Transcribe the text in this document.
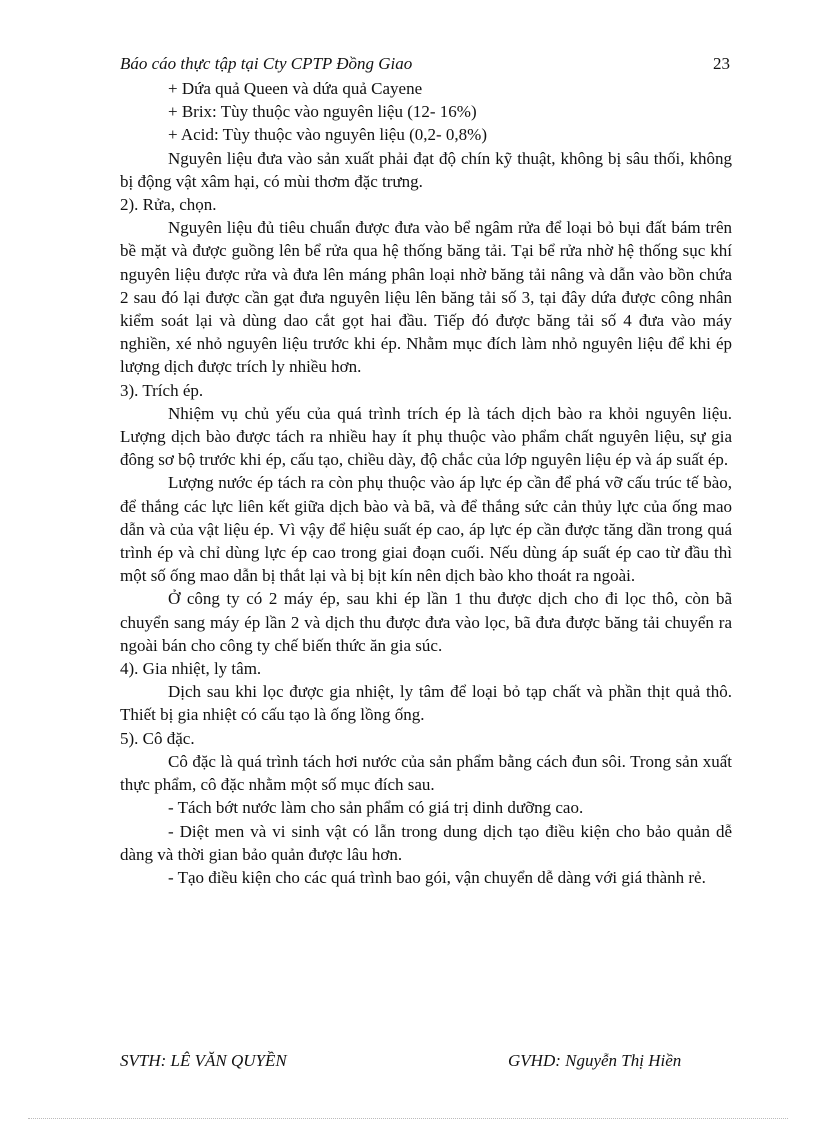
Báo cáo thực tập tại Cty CPTP Đồng Giao	23

+ Dứa quả Queen và dứa quả Cayene

+ Brix: Tùy thuộc vào nguyên liệu (12- 16%)

+ Acid: Tùy thuộc vào nguyên liệu (0,2- 0,8%)

Nguyên liệu đưa vào sản xuất phải đạt độ chín kỹ thuật, không bị sâu thối, không bị động vật xâm hại, có mùi thơm đặc trưng.

2). Rửa, chọn.

Nguyên liệu đủ tiêu chuẩn được đưa vào bể ngâm rửa để loại bỏ bụi đất bám trên bề mặt và được guồng lên bể rửa qua hệ thống băng tải. Tại bể rửa nhờ hệ thống sục khí nguyên liệu được rửa và đưa lên máng phân loại nhờ băng tải nâng và dẫn vào bồn chứa 2 sau đó lại được cần gạt đưa nguyên liệu lên băng tải số 3, tại đây dứa được công nhân kiểm soát lại và dùng dao cắt gọt hai đầu. Tiếp đó được băng tải số 4 đưa vào máy nghiền, xé nhỏ nguyên liệu trước khi ép. Nhằm mục đích làm nhỏ nguyên liệu để khi ép lượng dịch được trích ly nhiều hơn.

3). Trích ép.

Nhiệm vụ chủ yếu của quá trình trích ép là tách dịch bào ra khỏi nguyên liệu. Lượng dịch bào được tách ra nhiều hay ít phụ thuộc vào phẩm chất nguyên liệu, sự gia đông sơ bộ trước khi ép, cấu tạo, chiều dày, độ chắc của lớp nguyên liệu ép và áp suất ép.

Lượng nước ép tách ra còn phụ thuộc vào áp lực ép cần để phá vỡ cấu trúc tế bào, để thắng các lực liên kết giữa dịch bào và bã, và để thắng sức cản thủy lực của ống mao dẫn và của vật liệu ép. Vì vậy để hiệu suất ép cao, áp lực ép cần được tăng dần trong quá trình ép và chỉ dùng lực ép cao trong giai đoạn cuối. Nếu dùng áp suất ép cao từ đầu thì một số ống mao dẫn bị thắt lại và bị bịt kín nên dịch bào kho thoát ra ngoài.

Ở công ty có 2 máy ép, sau khi ép lần 1 thu được dịch cho đi lọc thô, còn bã chuyển sang máy ép lần 2 và dịch thu được đưa vào lọc, bã đưa được băng tải chuyển ra ngoài bán cho công ty chế biến thức ăn gia súc.

4). Gia nhiệt, ly tâm.

Dịch sau khi lọc được gia nhiệt, ly tâm để loại bỏ tạp chất và phần thịt quả thô. Thiết bị gia nhiệt có cấu tạo là ống lồng ống.

5). Cô đặc.

Cô đặc là quá trình tách hơi nước của sản phẩm bằng cách đun sôi. Trong sản xuất thực phẩm, cô đặc nhằm một số mục đích sau.

- Tách bớt nước làm cho sản phẩm có giá trị dinh dưỡng cao.

- Diệt men và vi sinh vật có lẫn trong dung dịch tạo điều kiện cho bảo quản dễ dàng và thời gian bảo quản được lâu hơn.

- Tạo điều kiện cho các quá trình bao gói, vận chuyển dễ dàng với giá thành rẻ.

SVTH: LÊ VĂN QUYỀN	GVHD: Nguyễn Thị Hiền
